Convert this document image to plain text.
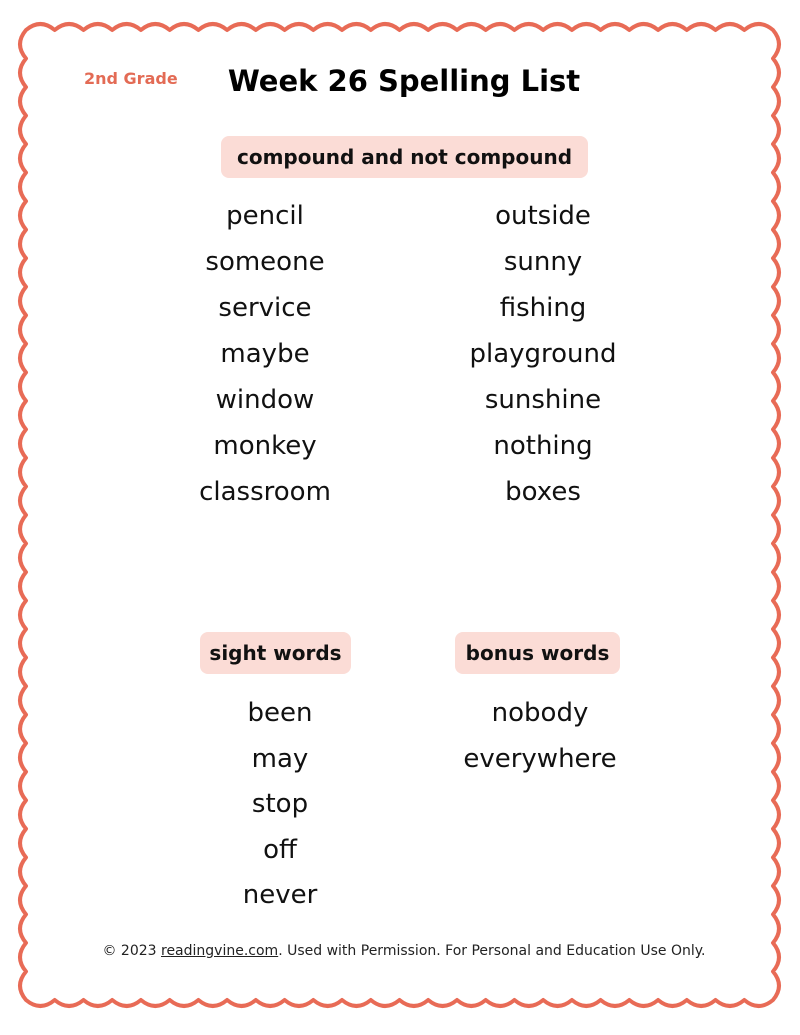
2nd Grade	Week 26 Spelling List
compound and not compound
pencil
someone
service
maybe
window
monkey
classroom
outside
sunny
fishing
playground
sunshine
nothing
boxes
sight words	bonus words
been
may
stop
off
never
nobody
everywhere
© 2023 readingvine.com. Used with Permission. For Personal and Education Use Only.
